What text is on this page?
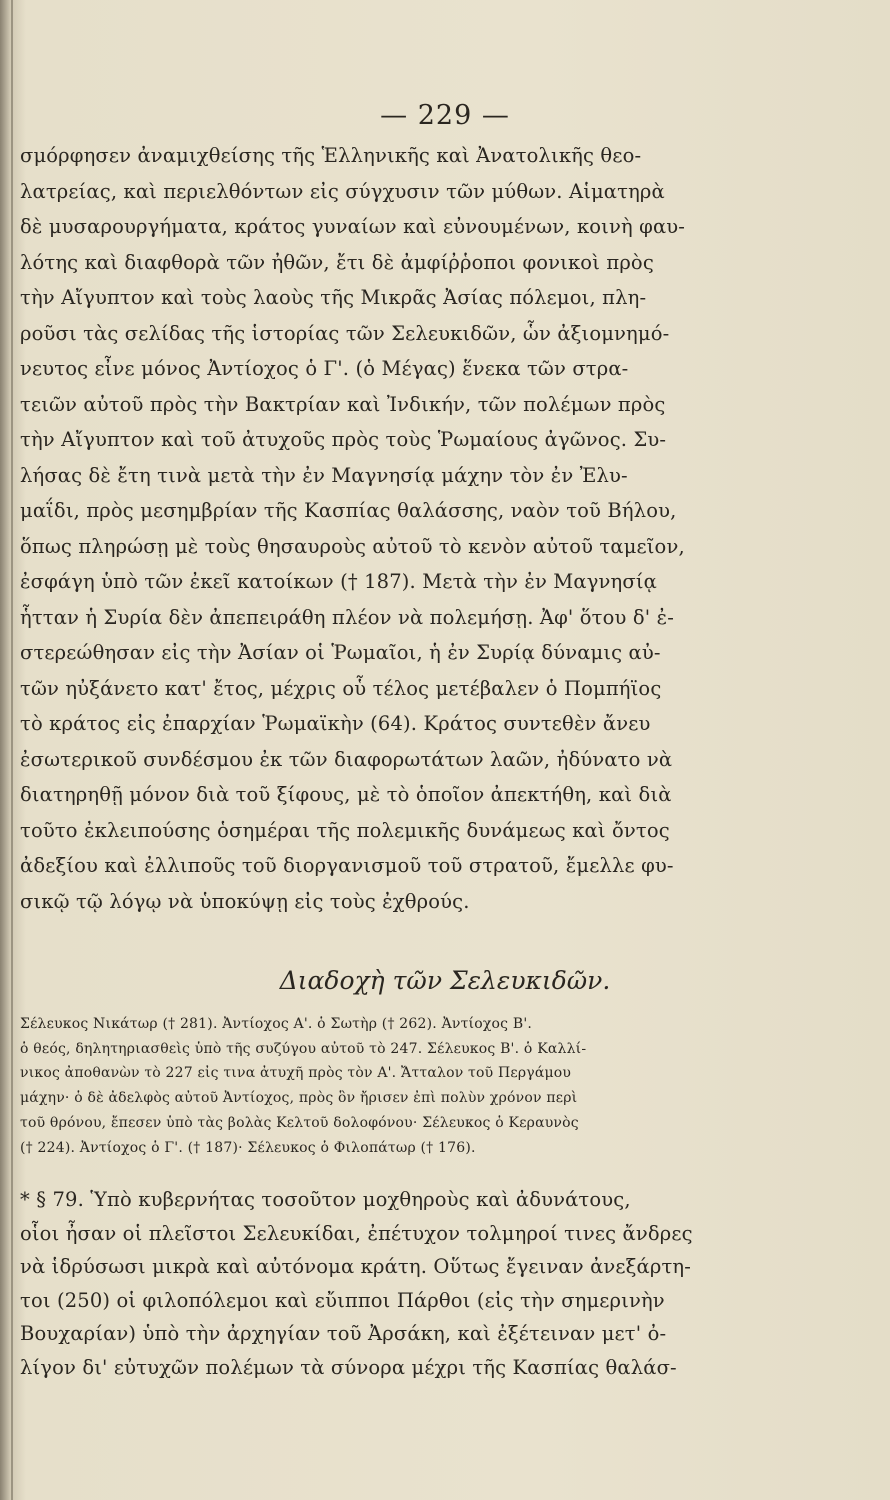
— 229 —
σμόρφησεν ἀναμιχθείσης τῆς Ἑλληνικῆς καὶ Ἀνατολικῆς θεο-
λατρείας, καὶ περιελθόντων εἰς σύγχυσιν τῶν μύθων. Αἱματηρὰ
δὲ μυσαρουργήματα, κράτος γυναίων καὶ εὐνουμένων, κοινὴ φαυ-
λότης καὶ διαφθορὰ τῶν ἠθῶν, ἔτι δὲ ἀμφίῤῥοποι φονικοὶ πρὸς
τὴν Αἴγυπτον καὶ τοὺς λαοὺς τῆς Μικρᾶς Ἀσίας πόλεμοι, πλη-
ροῦσι τὰς σελίδας τῆς ἱστορίας τῶν Σελευκιδῶν, ὧν ἀξιομνημό-
νευτος εἶνε μόνος Ἀντίοχος ὁ Γ'. (ὁ Μέγας) ἕνεκα τῶν στρα-
τειῶν αὐτοῦ πρὸς τὴν Βακτρίαν καὶ Ἰνδικήν, τῶν πολέμων πρὸς
τὴν Αἴγυπτον καὶ τοῦ ἀτυχοῦς πρὸς τοὺς Ῥωμαίους ἀγῶνος. Συ-
λήσας δὲ ἔτη τινὰ μετὰ τὴν ἐν Μαγνησίᾳ μάχην τὸν ἐν Ἐλυ-
μαΐδι, πρὸς μεσημβρίαν τῆς Κασπίας θαλάσσης, ναὸν τοῦ Βήλου,
ὅπως πληρώσῃ μὲ τοὺς θησαυροὺς αὐτοῦ τὸ κενὸν αὐτοῦ ταμεῖον,
ἐσφάγη ὑπὸ τῶν ἐκεῖ κατοίκων († 187). Μετὰ τὴν ἐν Μαγνησίᾳ
ἧτταν ἡ Συρία δὲν ἀπεπειράθη πλέον νὰ πολεμήσῃ. Ἀφ' ὅτου δ' ἐ-
στερεώθησαν εἰς τὴν Ἀσίαν οἱ Ῥωμαῖοι, ἡ ἐν Συρίᾳ δύναμις αὐ-
τῶν ηὐξάνετο κατ' ἔτος, μέχρις οὗ τέλος μετέβαλεν ὁ Πομπήϊος
τὸ κράτος εἰς ἐπαρχίαν Ῥωμαϊκὴν (64). Κράτος συντεθὲν ἄνευ
ἐσωτερικοῦ συνδέσμου ἐκ τῶν διαφορωτάτων λαῶν, ἠδύνατο νὰ
διατηρηθῇ μόνον διὰ τοῦ ξίφους, μὲ τὸ ὁποῖον ἀπεκτήθη, καὶ διὰ
τοῦτο ἐκλειπούσης ὁσημέραι τῆς πολεμικῆς δυνάμεως καὶ ὄντος
ἀδεξίου καὶ ἐλλιποῦς τοῦ διοργανισμοῦ τοῦ στρατοῦ, ἔμελλε φυ-
σικῷ τῷ λόγῳ νὰ ὑποκύψῃ εἰς τοὺς ἐχθρούς.
Διαδοχὴ τῶν Σελευκιδῶν.
Σέλευκος Νικάτωρ († 281). Ἀντίοχος Α'. ὁ Σωτὴρ († 262). Ἀντίοχος Β'.
ὁ θεός, δηλητηριασθεὶς ὑπὸ τῆς συζύγου αὐτοῦ τὸ 247. Σέλευκος Β'. ὁ Καλλί-
νικος ἀποθανὼν τὸ 227 εἰς τινα ἀτυχῆ πρὸς τὸν Α'. Ἄτταλον τοῦ Περγάμου
μάχην· ὁ δὲ ἀδελφὸς αὐτοῦ Ἀντίοχος, πρὸς ὃν ἤρισεν ἐπὶ πολὺν χρόνον περὶ
τοῦ θρόνου, ἔπεσεν ὑπὸ τὰς βολὰς Κελτοῦ δολοφόνου· Σέλευκος ὁ Κεραυνὸς
(† 224). Ἀντίοχος ὁ Γ'. († 187)· Σέλευκος ὁ Φιλοπάτωρ († 176).
* § 79. Ὑπὸ κυβερνήτας τοσοῦτον μοχθηροὺς καὶ ἀδυνάτους,
οἷοι ἦσαν οἱ πλεῖστοι Σελευκίδαι, ἐπέτυχον τολμηροί τινες ἄνδρες
νὰ ἱδρύσωσι μικρὰ καὶ αὐτόνομα κράτη. Οὕτως ἔγειναν ἀνεξάρτη-
τοι (250) οἱ φιλοπόλεμοι καὶ εὔιπποι Πάρθοι (εἰς τὴν σημερινὴν
Βουχαρίαν) ὑπὸ τὴν ἀρχηγίαν τοῦ Ἀρσάκη, καὶ ἐξέτειναν μετ' ὀ-
λίγον δι' εὐτυχῶν πολέμων τὰ σύνορα μέχρι τῆς Κασπίας θαλάσ-
